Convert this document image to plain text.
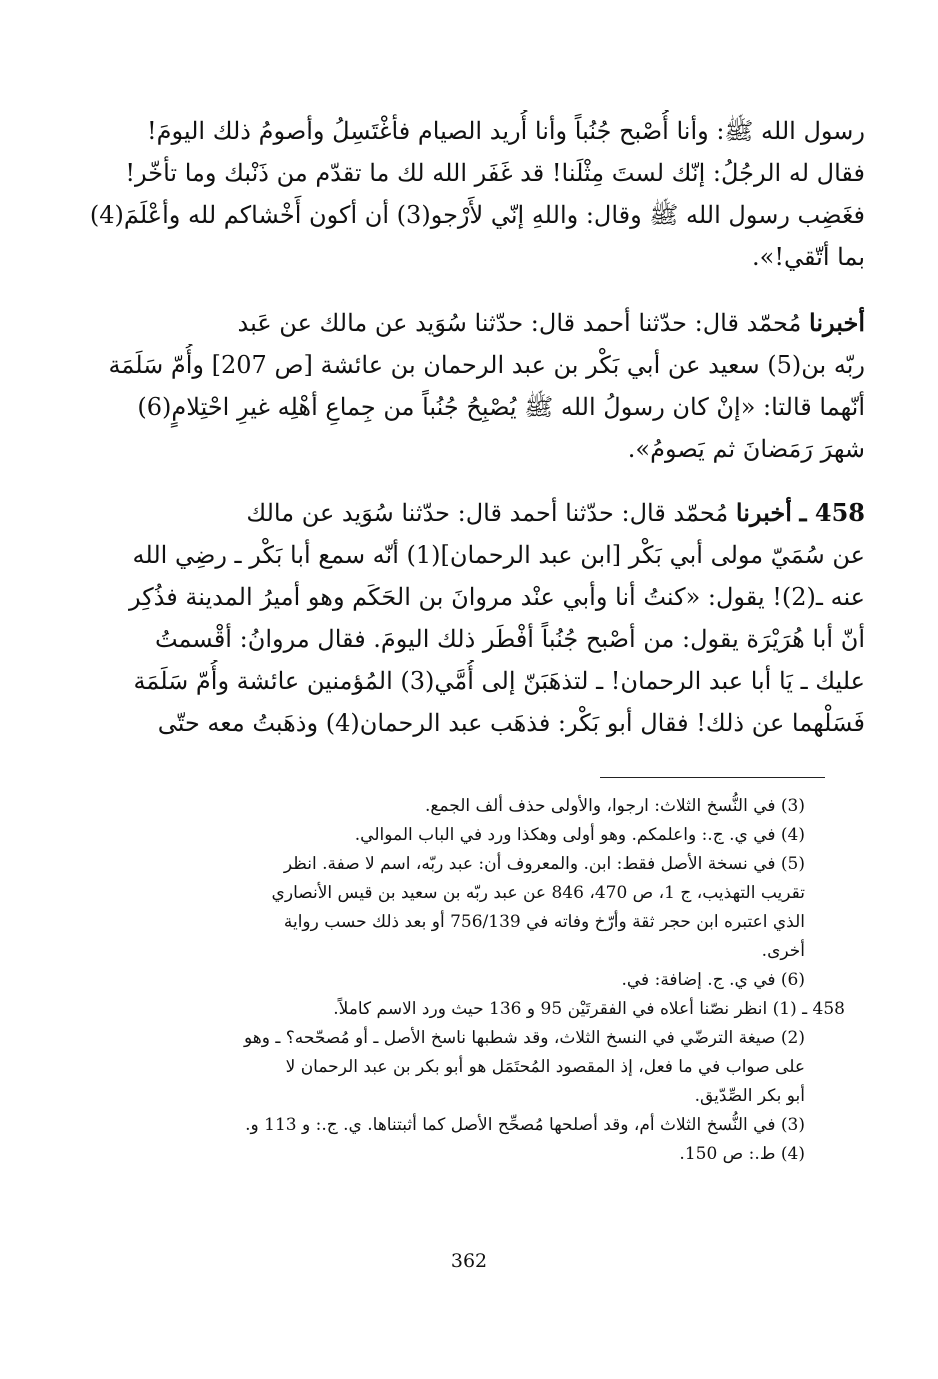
رسول الله ﷺ: وأنا أُصْبح جُنُباً وأنا أُريد الصيام فأغْتَسِلُ وأصومُ ذلك اليومَ!
فقال له الرجُلُ: إنّك لستَ مِثْلَنا! قد غَفَر الله لك ما تقدّم من ذَنْبك وما تأخّر!
فغَضِب رسول الله ﷺ وقال: واللهِ إنّي لأَرْجو(3) أن أكون أَخْشاكم لله وأعْلَمَ(4)
بما أتّقي!».
أخبرنا مُحمّد قال: حدّثنا أحمد قال: حدّثنا سُوَيد عن مالك عن عَبد
ربّه بن(5) سعيد عن أبي بَكْر بن عبد الرحمان بن عائشة [ص 207] وأُمّ سَلَمَة
أنّهما قالتا: «إنْ كان رسولُ الله ﷺ يُصْبِحُ جُنُباً من جِماعِ أهْلِه غيرِ احْتِلامٍ(6)
شهرَ رَمَضانَ ثم يَصومُ».
458 ـ أخبرنا مُحمّد قال: حدّثنا أحمد قال: حدّثنا سُوَيد عن مالك
عن سُمَيّ مولى أبي بَكْر [ابن عبد الرحمان](1) أنّه سمع أبا بَكْر ـ رضِي الله
عنه ـ(2)! يقول: «كنتُ أنا وأبي عنْد مروانَ بن الحَكَم وهو أميرُ المدينة فذُكِر
أنّ أبا هُرَيْرَة يقول: من أصْبح جُنُباً أفْطَر ذلك اليومَ. فقال مروانُ: أقْسمتُ
عليك ـ يَا أبا عبد الرحمان! ـ لتذهَبَنّ إلى أُمَّي(3) المُؤمنين عائشة وأُمّ سَلَمَة
فَسَلْهما عن ذلك! فقال أبو بَكْر: فذهَب عبد الرحمان(4) وذهَبتُ معه حتّى
(3) في النُّسخ الثلاث: ارجوا، والأولى حذف ألف الجمع.
(4) في ي. ج.: واعلمكم. وهو أولى وهكذا ورد في الباب الموالي.
(5) في نسخة الأصل فقط: ابن. والمعروف أن: عبد ربّه، اسم لا صفة. انظر
تقريب التهذيب، ج 1، ص 470، 846 عن عبد ربّه بن سعيد بن قيس الأنصاري
الذي اعتبره ابن حجر ثقة وأرّخ وفاته في 756/139 أو بعد ذلك حسب رواية
أخرى.
(6) في ي. ج. إضافة: في.
458 ـ (1) انظر نصّنا أعلاه في الفقرتَيْن 95 و 136 حيث ورد الاسم كاملاً.
(2) صيغة الترضّي في النسخ الثلاث، وقد شطبها ناسخ الأصل ـ أو مُصحّحه؟ ـ وهو
على صواب في ما فعل، إذ المقصود المُحتَمَل هو أبو بكر بن عبد الرحمان لا
أبو بكر الصِّدّيق.
(3) في النُّسخ الثلاث أم، وقد أصلحها مُصحِّح الأصل كما أثبتناها. ي. ج.: و 113 و.
(4) ط.: ص 150.
362
